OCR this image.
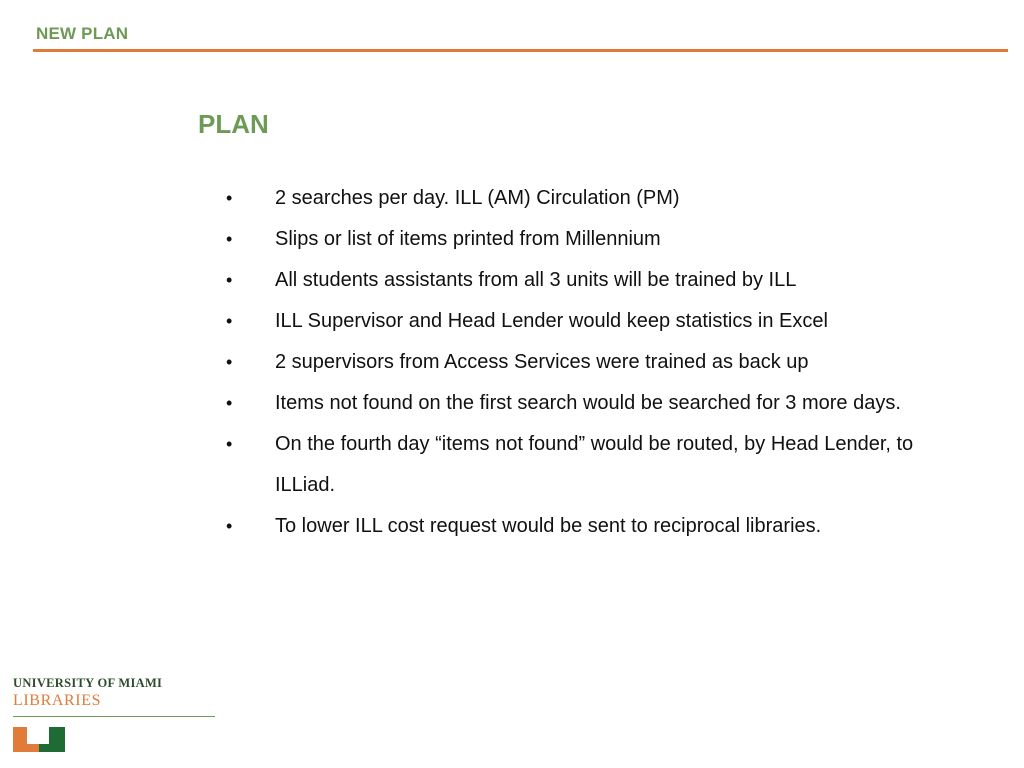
NEW PLAN
PLAN
• 2 searches per day. ILL (AM) Circulation (PM)
• Slips or list of items printed from Millennium
• All students assistants from all 3 units will be trained by ILL
• ILL Supervisor and Head Lender would keep statistics in Excel
• 2 supervisors from Access Services were trained as back up
• Items not found on the first search would be searched for 3 more days.
• On the fourth day “items not found” would be routed, by Head Lender, to ILLiad.
• To lower ILL cost request would be sent to reciprocal libraries.
UNIVERSITY OF MIAMI
LIBRARIES
